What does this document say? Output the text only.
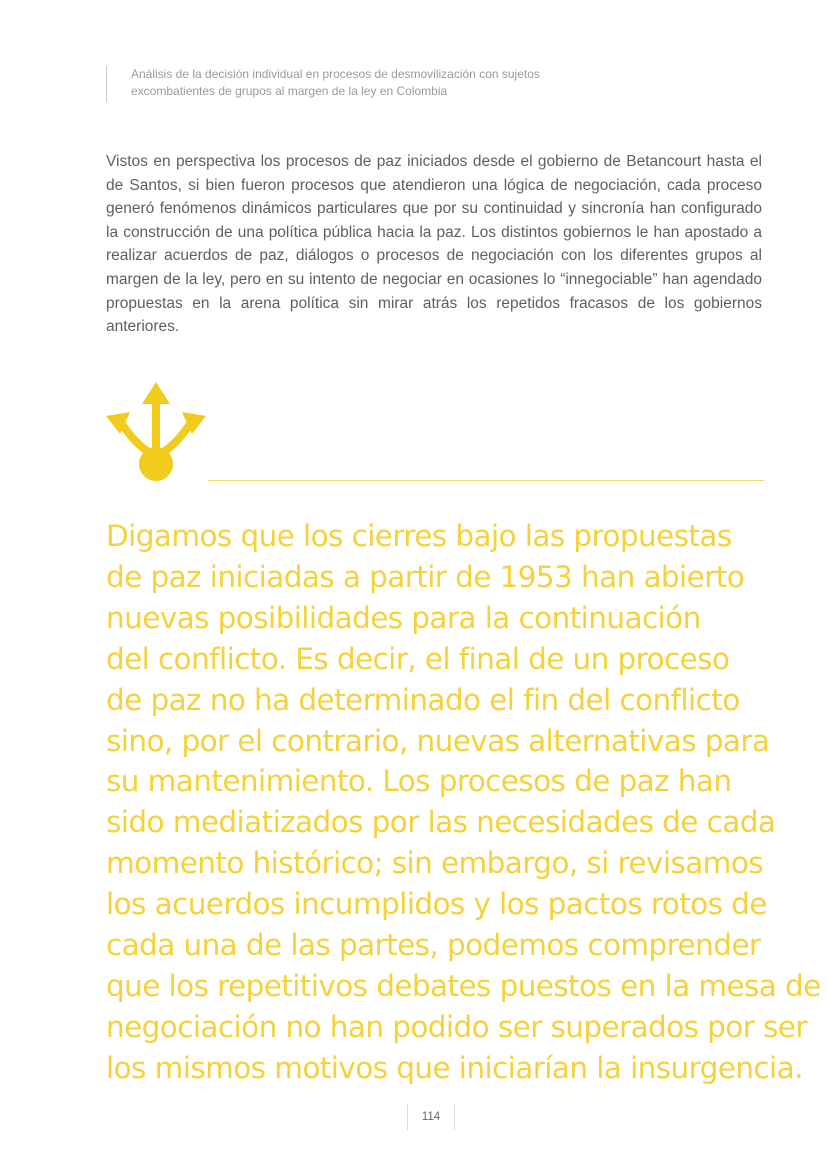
Análisis de la decisión individual en procesos de desmovilización con sujetos
excombatientes de grupos al margen de la ley en Colombia

Vistos en perspectiva los procesos de paz iniciados desde el gobierno de Betancourt hasta el de Santos, si bien fueron procesos que atendieron una lógica de negociación, cada proceso generó fenómenos dinámicos particulares que por su continuidad y sincronía han configurado la construcción de una política pública hacia la paz. Los distintos gobiernos le han apostado a realizar acuerdos de paz, diálogos o procesos de negociación con los diferentes grupos al margen de la ley, pero en su intento de negociar en ocasiones lo “innegociable” han agendado propuestas en la arena política sin mirar atrás los repetidos fracasos de los gobiernos anteriores.

Digamos que los cierres bajo las propuestas
de paz iniciadas a partir de 1953 han abierto
nuevas posibilidades para la continuación
del conflicto. Es decir, el final de un proceso
de paz no ha determinado el fin del conflicto
sino, por el contrario, nuevas alternativas para
su mantenimiento. Los procesos de paz han
sido mediatizados por las necesidades de cada
momento histórico; sin embargo, si revisamos
los acuerdos incumplidos y los pactos rotos de
cada una de las partes, podemos comprender
que los repetitivos debates puestos en la mesa de
negociación no han podido ser superados por ser
los mismos motivos que iniciarían la insurgencia.
114
